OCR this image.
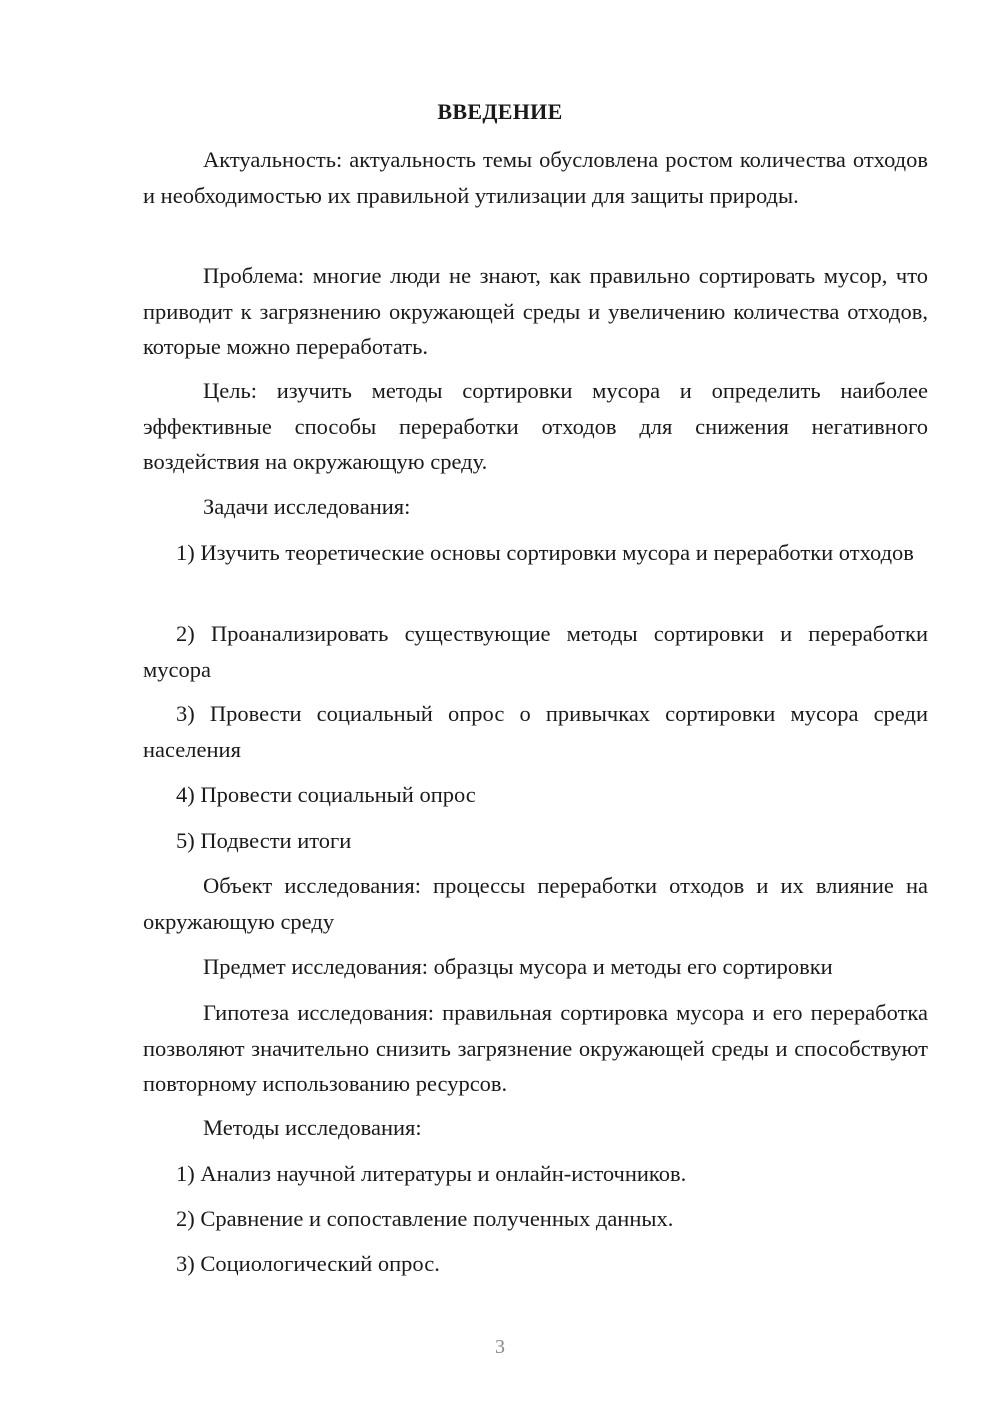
ВВЕДЕНИЕ

Актуальность: актуальность темы обусловлена ростом количества отходов и необходимостью их правильной утилизации для защиты природы.

Проблема: многие люди не знают, как правильно сортировать мусор, что приводит к загрязнению окружающей среды и увеличению количества отходов, которые можно переработать.

Цель: изучить методы сортировки мусора и определить наиболее эффективные способы переработки отходов для снижения негативного воздействия на окружающую среду.

Задачи исследования:

1) Изучить теоретические основы сортировки мусора и переработки отходов

2) Проанализировать существующие методы сортировки и переработки мусора

3) Провести социальный опрос о привычках сортировки мусора среди населения

4) Провести социальный опрос

5) Подвести итоги

Объект исследования: процессы переработки отходов и их влияние на окружающую среду

Предмет исследования: образцы мусора и методы его сортировки

Гипотеза исследования: правильная сортировка мусора и его переработка позволяют значительно снизить загрязнение окружающей среды и способствуют повторному использованию ресурсов.

Методы исследования:

1) Анализ научной литературы и онлайн-источников.

2) Сравнение и сопоставление полученных данных.

3) Социологический опрос.

3
